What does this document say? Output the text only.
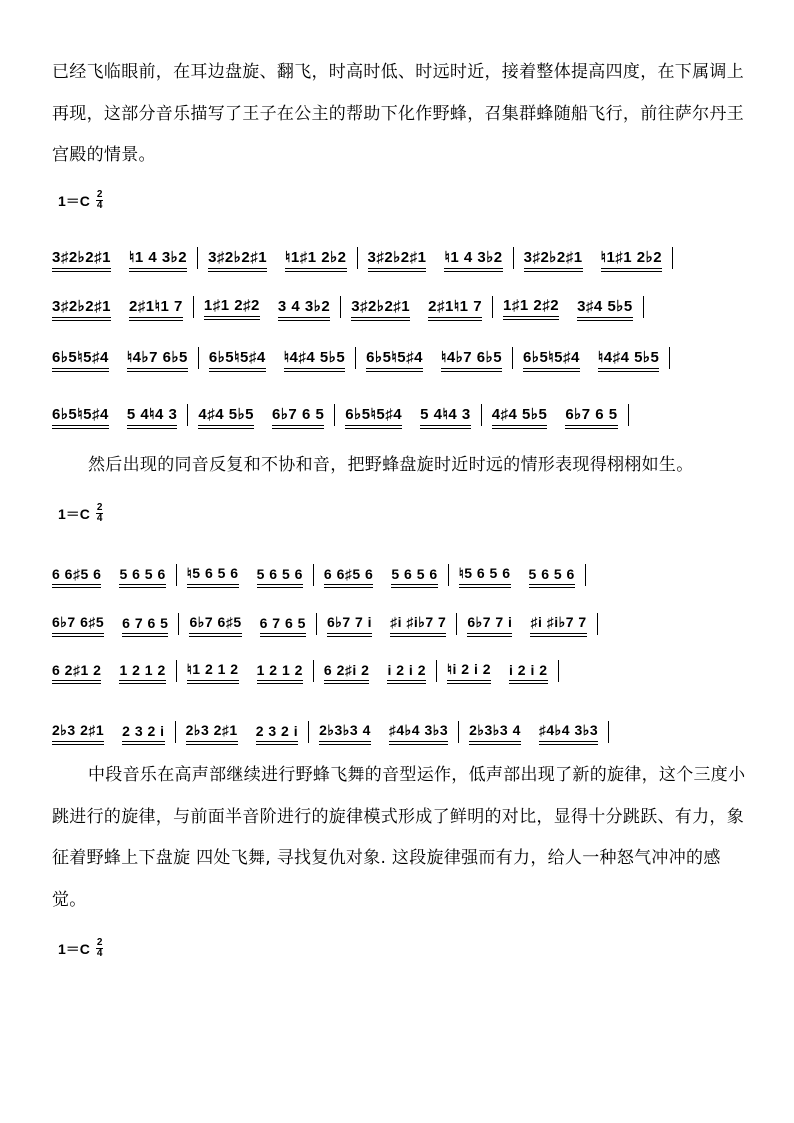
已经飞临眼前，在耳边盘旋、翻飞，时高时低、时远时近，接着整体提高四度，在下属调上再现，这部分音乐描写了王子在公主的帮助下化作野蜂，召集群蜂随船飞行，前往萨尔丹王宫殿的情景。

$1=C \frac{2}{4}$
3♯2♭2♯1 ♮1 4 3♭2 3♯2♭2♯1 ♮1♯1 2♭2 3♯2♭2♯1 ♮1 4 3♭2 3♯2♭2♯1 ♮1♯1 2♭2
3♯2♭2♯1 2♯1♮1 7 1♯1 2♯2 3 4 3♭2 3♯2♭2♯1 2♯1♮1 7 1♯1 2♯2 3♯4 5♭5
6♭5♮5♯4 ♮4♭7 6♭5 6♭5♮5♯4 ♮4♯4 5♭5 6♭5♮5♯4 ♮4♭7 6♭5 6♭5♮5♯4 ♮4♯4 5♭5
6♭5♮5♯4 5 4♮4 3 4♯4 5♭5 6♭7 6 5 6♭5♮5♯4 5 4♮4 3 4♯4 5♭5 6♭7 6 5

然后出现的同音反复和不协和音，把野蜂盘旋时近时远的情形表现得栩栩如生。

$1=C \frac{2}{4}$
6 6♯5 6 5 6 5 6 ♮5 6 5 6 5 6 5 6 6 6♯5 6 5 6 5 6 ♮5 6 5 6 5 6 5 6
6♭7 6♯5 6 7 6 5 6♭7 6♯5 6 7 6 5 6♭7 7 i ♯i ♯i♭7 7 6♭7 7 i ♯i ♯i♭7 7
6 2♯1 2 1 2 1 2 ♮1 2 1 2 1 2 1 2 6 2♯i 2 i 2 i 2 ♮i 2 i 2 i 2 i 2
2♭3 2♯1 2 3 2 i 2♭3 2♯1 2 3 2 i 2♭3♭3 4 ♯4♭4 3♭3 2♭3♭3 4 ♯4♭4 3♭3

中段音乐在高声部继续进行野蜂飞舞的音型运作，低声部出现了新的旋律，这个三度小跳进行的旋律，与前面半音阶进行的旋律模式形成了鲜明的对比，显得十分跳跃、有力，象征着野蜂上下盘旋 四处飞舞, 寻找复仇对象. 这段旋律强而有力，给人一种怒气冲冲的感觉。

$1=C \frac{2}{4}$
